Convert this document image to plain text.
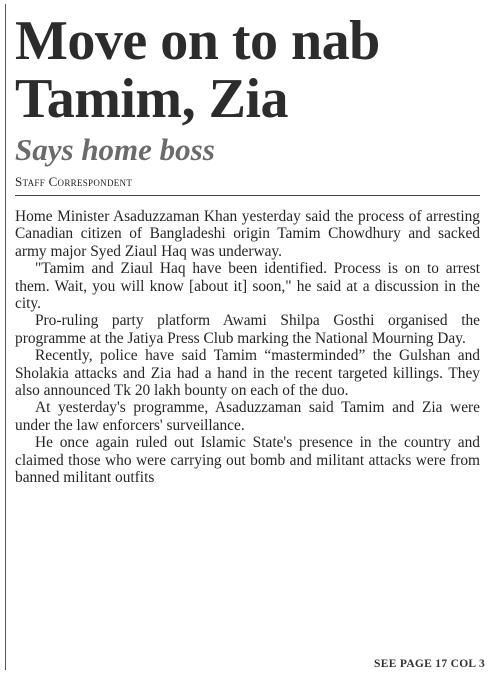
Move on to nab
Tamim, Zia
Says home boss
Staff Correspondent

Home Minister Asaduzzaman Khan yesterday said the process of arresting Canadian citizen of Bangladeshi origin Tamim Chowdhury and sacked army major Syed Ziaul Haq was underway.

"Tamim and Ziaul Haq have been identified. Process is on to arrest them. Wait, you will know [about it] soon," he said at a discussion in the city.

Pro-ruling party platform Awami Shilpa Gosthi organised the programme at the Jatiya Press Club marking the National Mourning Day.

Recently, police have said Tamim “masterminded” the Gulshan and Sholakia attacks and Zia had a hand in the recent targeted killings. They also announced Tk 20 lakh bounty on each of the duo.

At yesterday's programme, Asaduzzaman said Tamim and Zia were under the law enforcers' surveillance.

He once again ruled out Islamic State's presence in the country and claimed those who were carrying out bomb and militant attacks were from banned militant outfits

SEE PAGE 17 COL 3
